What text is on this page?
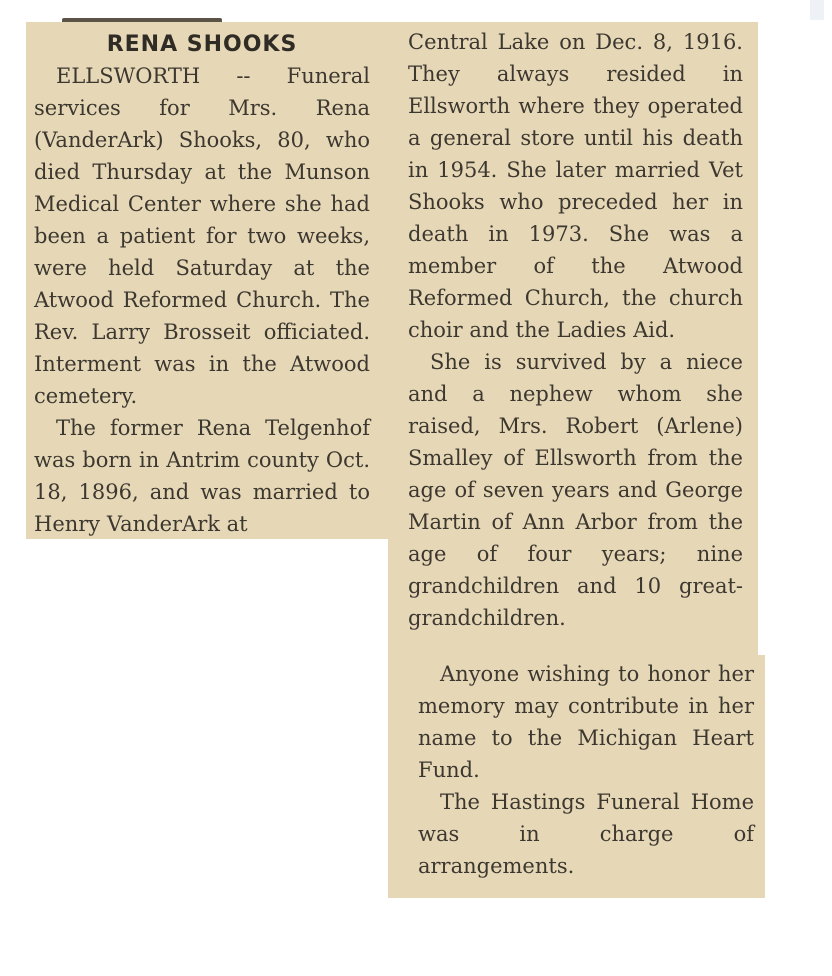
RENA SHOOKS

ELLSWORTH -- Funeral services for Mrs. Rena (VanderArk) Shooks, 80, who died Thursday at the Munson Medical Center where she had been a patient for two weeks, were held Saturday at the Atwood Reformed Church. The Rev. Larry Brosseit officiated. Interment was in the Atwood cemetery.

The former Rena Telgenhof was born in Antrim county Oct. 18, 1896, and was married to Henry VanderArk at

Central Lake on Dec. 8, 1916. They always resided in Ellsworth where they operated a general store until his death in 1954. She later married Vet Shooks who preceded her in death in 1973. She was a member of the Atwood Reformed Church, the church choir and the Ladies Aid.

She is survived by a niece and a nephew whom she raised, Mrs. Robert (Arlene) Smalley of Ellsworth from the age of seven years and George Martin of Ann Arbor from the age of four years; nine grandchildren and 10 great-grandchildren.

Anyone wishing to honor her memory may contribute in her name to the Michigan Heart Fund.

The Hastings Funeral Home was in charge of arrangements.
